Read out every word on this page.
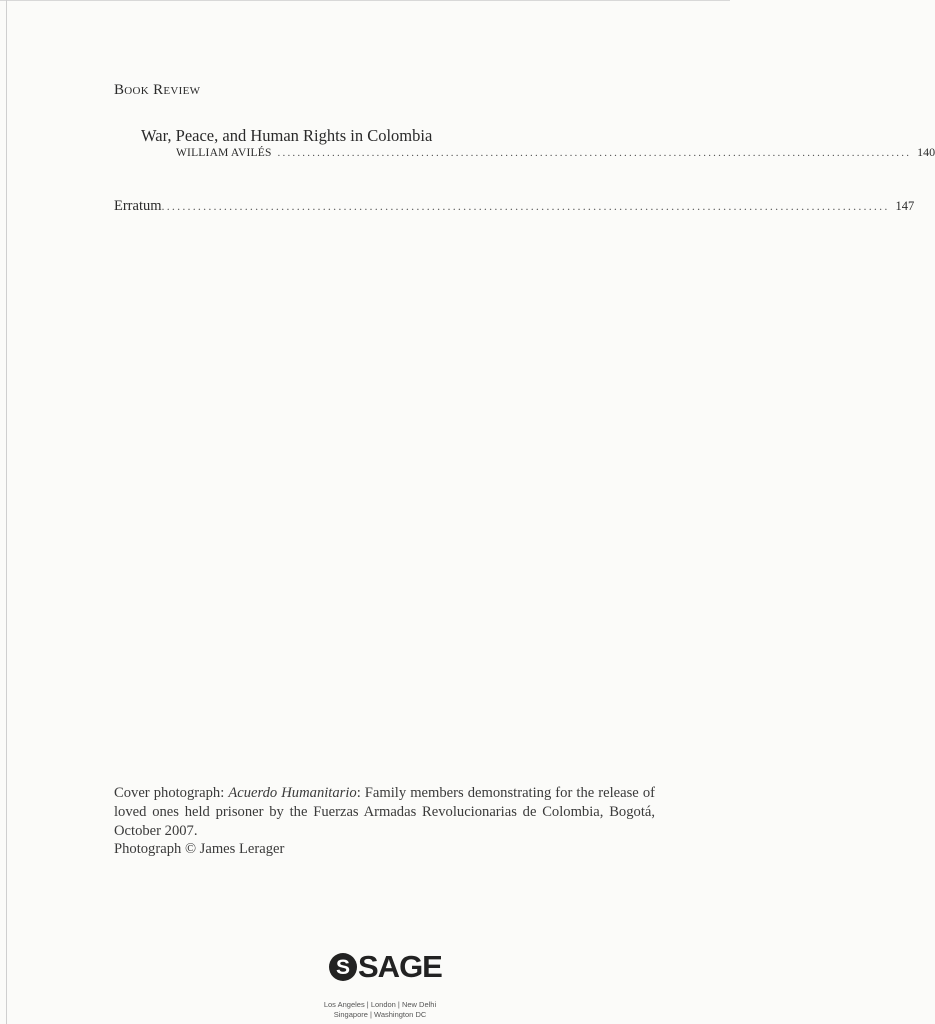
Book Review
War, Peace, and Human Rights in Colombia
WILLIAM AVILÉS ................................................................................................................................ 140
Erratum ............................................................................................................................................ 147

Cover photograph: Acuerdo Humanitario: Family members demonstrating for the release of loved ones held prisoner by the Fuerzas Armadas Revolucionarias de Colombia, Bogotá, October 2007.

Photograph © James Lerager
S SAGE
Los Angeles | London | New Delhi
Singapore | Washington DC
